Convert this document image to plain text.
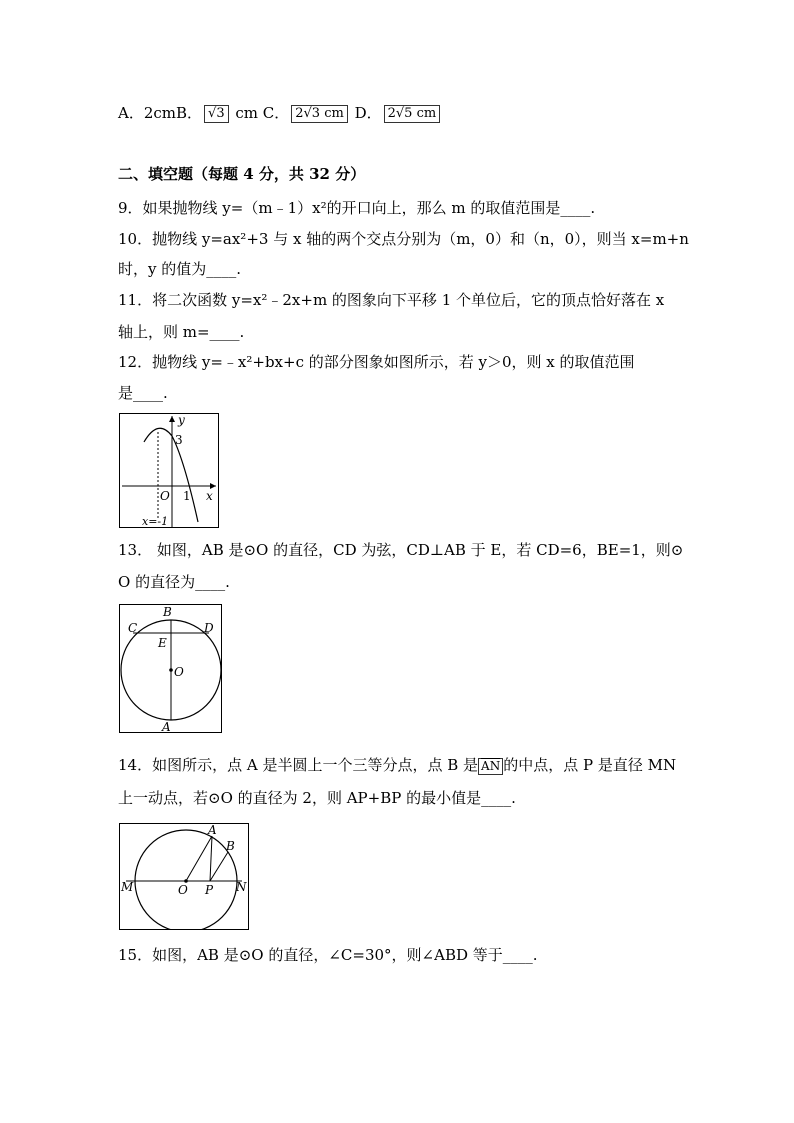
A．2cmB． √3 cm C． 2√3 cm D． 2√5 cm
二、填空题（每题 4 分，共 32 分）
9．如果抛物线 y=（m﹣1）x²的开口向上，那么 m 的取值范围是____.
10．抛物线 y=ax²+3 与 x 轴的两个交点分别为（m，0）和（n，0），则当 x=m+n
时，y 的值为____.
11．将二次函数 y=x²﹣2x+m 的图象向下平移 1 个单位后，它的顶点恰好落在 x
轴上，则 m=____.
12．抛物线 y=﹣x²+bx+c 的部分图象如图所示，若 y＞0，则 x 的取值范围
是____.
y
x
O
3
1
x=-1
13． 如图，AB 是⊙O 的直径，CD 为弦，CD⊥AB 于 E，若 CD=6，BE=1，则⊙
O 的直径为____.
B
C	D
E
O
A
14．如图所示，点 A 是半圆上一个三等分点，点 B 是 $\overline{AN}$ 的中点，点 P 是直径 MN
上一动点，若⊙O 的直径为 2，则 AP+BP 的最小值是____.
A
B
M	O P N
15．如图，AB 是⊙O 的直径，∠C=30°，则∠ABD 等于____.
